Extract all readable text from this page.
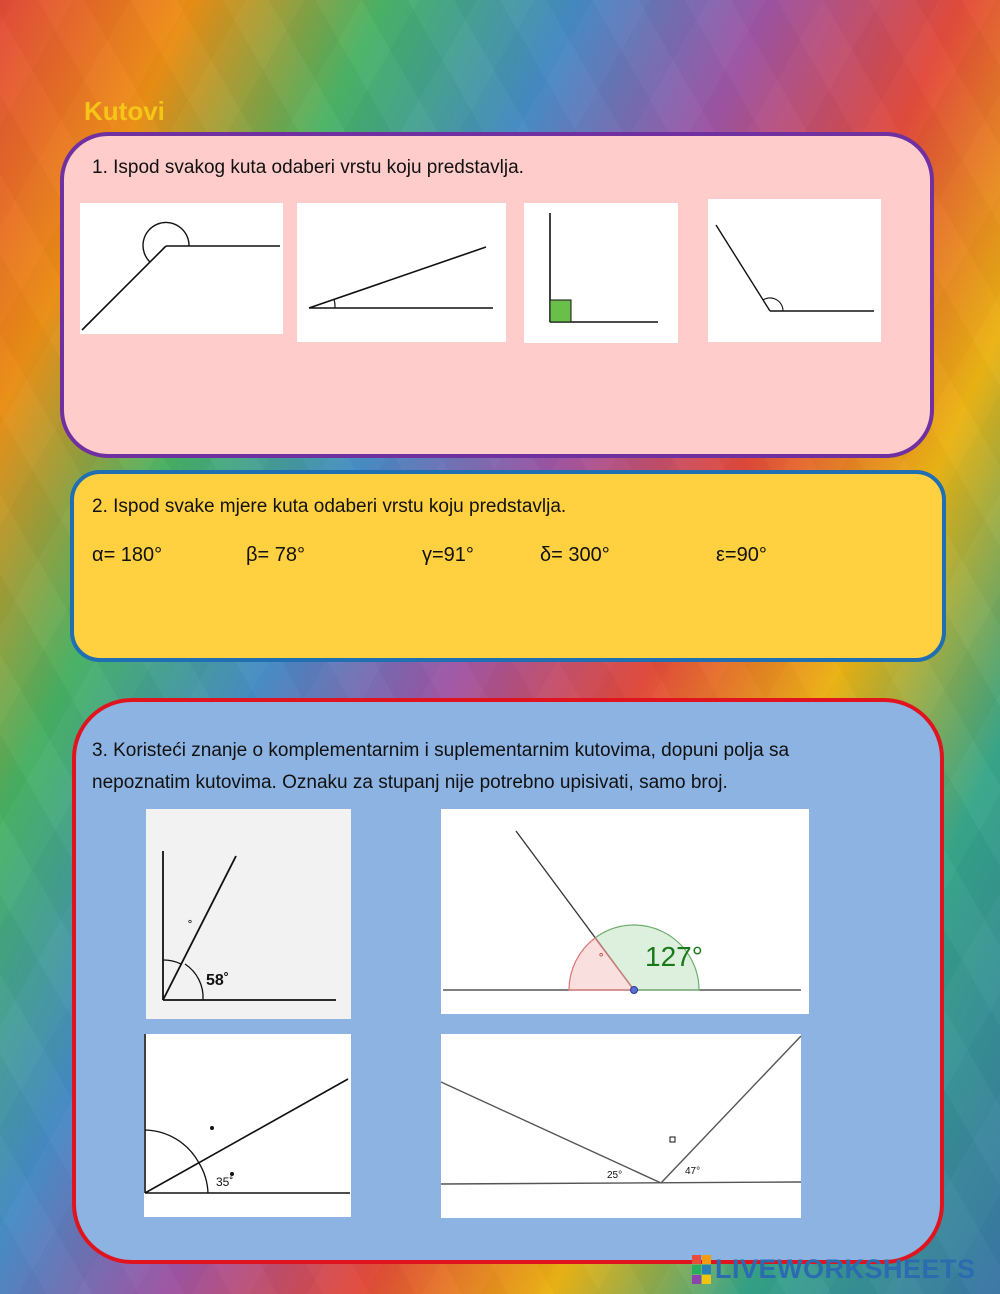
Kutovi
1. Ispod svakog kuta odaberi vrstu koju predstavlja.
2. Ispod svake mjere kuta odaberi vrstu koju predstavlja.
α= 180°	β= 78°	γ=91°	δ= 300°	ε=90°
3. Koristeći znanje o komplementarnim i suplementarnim kutovima, dopuni polja sa
nepoznatim kutovima. Oznaku za stupanj nije potrebno upisivati, samo broj.
˚
58˚
˚ 127°
35˚	25°	47°
LIVEWORKSHEETS
